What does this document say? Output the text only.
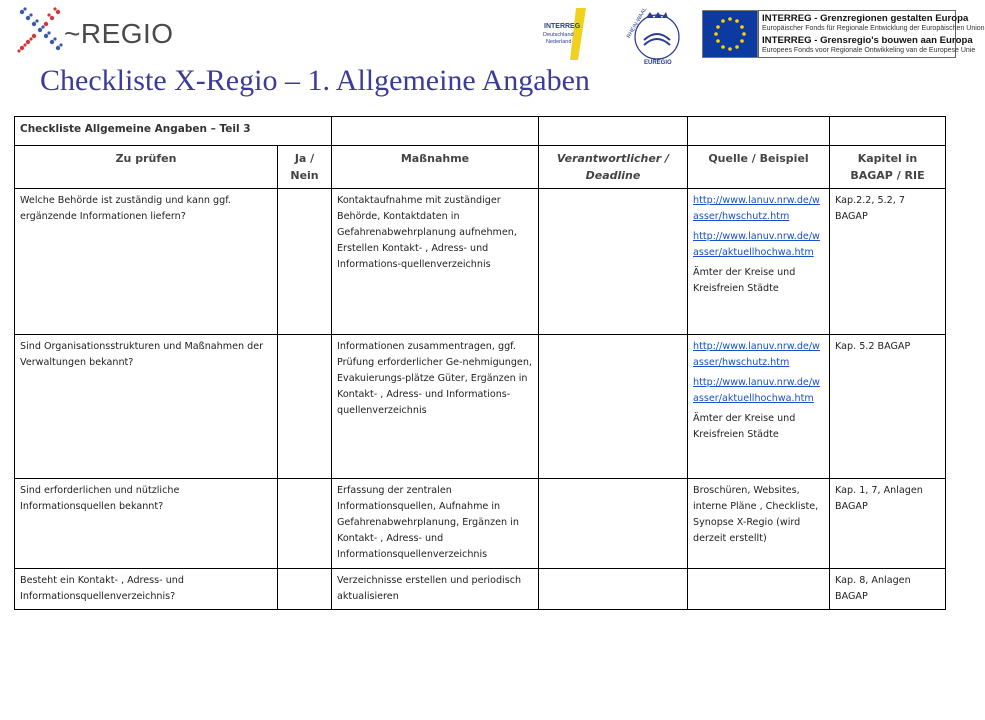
~REGIO	INTERREG
Deutschland
Nederland
RHEIN-WAAL
EUREGIO
INTERREG - Grenzregionen gestalten Europa
Europäischer Fonds für Regionale Entwicklung der Europäischen Union
INTERREG - Grensregio's bouwen aan Europa
Europees Fonds voor Regionale Ontwikkeling van de Europese Unie
Checkliste X-Regio – 1. Allgemeine Angaben
Checkliste Allgemeine Angaben – Teil 3					
Zu prüfen	Ja / Nein	Maßnahme	Verantwortlicher / Deadline	Quelle / Beispiel	Kapitel in BAGAP / RIE
Welche Behörde ist zuständig und kann ggf. ergänzende Informationen liefern?		Kontaktaufnahme mit zuständiger Behörde, Kontaktdaten in Gefahrenabwehrplanung aufnehmen, Erstellen Kontakt- , Adress- und Informations-quellenverzeichnis		http://www.lanuv.nrw.de/wasser/hwschutz.htm
http://www.lanuv.nrw.de/wasser/aktuellhochwa.htm
Ämter der Kreise und Kreisfreien Städte	Kap.2.2, 5.2, 7 BAGAP
Sind Organisationsstrukturen und Maßnahmen der Verwaltungen bekannt?		Informationen zusammentragen, ggf. Prüfung erforderlicher Ge-nehmigungen, Evakuierungs-plätze Güter, Ergänzen in Kontakt- , Adress- und Informations-quellenverzeichnis		http://www.lanuv.nrw.de/wasser/hwschutz.htm
http://www.lanuv.nrw.de/wasser/aktuellhochwa.htm
Ämter der Kreise und Kreisfreien Städte	Kap. 5.2 BAGAP
Sind erforderlichen und nützliche Informationsquellen bekannt?		Erfassung der zentralen Informationsquellen, Aufnahme in Gefahrenabwehrplanung, Ergänzen in Kontakt- , Adress- und Informationsquellenverzeichnis		Broschüren, Websites, interne Pläne , Checkliste, Synopse X-Regio (wird derzeit erstellt)	Kap. 1, 7, Anlagen BAGAP
Besteht ein Kontakt- , Adress- und Informationsquellenverzeichnis?		Verzeichnisse erstellen und periodisch aktualisieren			Kap. 8, Anlagen BAGAP
